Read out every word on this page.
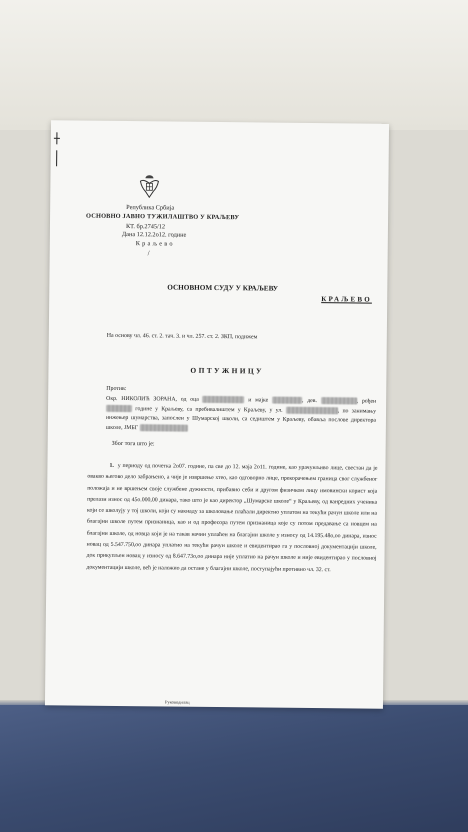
Република Србија
ОСНОВНО ЈАВНО ТУЖИЛАШТВО У КРАЉЕВУ
КТ. бр.2745/12
Дана 12.12.2о12. године
Краљево
/
ОСНОВНОМ СУДУ У КРАЉЕВУ
КРАЉЕВО
На основу чл. 46. ст. 2. тач. 3. и чл. 257. ст. 2. ЗКП, подижем
ОПТУЖНИЦУ
Против:
Окр. НИКОЛИЋ ЗОРАНА, од оца	и мајке	, дев.	, рођен  године у Краљеву, са пребивалиштем у Краљеву, у ул.	, по занимању инжењер шумарства, запослен у Шумарској школи, са седиштем у Краљеву, обавља послове директора школе, ЈМБГ
Због тога што је:
1. у периоду од почетка 2о07. године, па све до 12. маја 2о11. године, као урачунљиво лице, свестан да је овакво његово дело забрањено, а чије је извршење хтео, као одговорно лице, прекорачењем граница свог службеног положаја и не вршењем своје службене дужности, прибавио себи и другом физичком лицу имовински корист која прелази износ од 45о.000,00 динара, тако што је као директор „Шумарске школе“ у Краљеву, од ванредних ученика који се школују у тој школи, који су накнаду за школовање плаћали директно уплатом на текући рачун школе или на благајни школе путем признаница, као и од професора путем признаница које су потом предавање са новцем на благајни школе, од новца који је на такав начин уплаћен на благајни школе у износу од 14.195.48о,оо динара, износ новац од 5.547.750,оо динара уплатио на текући рачун школе и евидентирао га у пословној документацији школе, док прикупљен новац у износу од 8.647.73о,оо динара није уплатио на рачун школе и није евидентирао у пословној документацији школе, већ је наложио да остане у благајни школе, поступајући противно чл. 32. ст.
Руководилац
